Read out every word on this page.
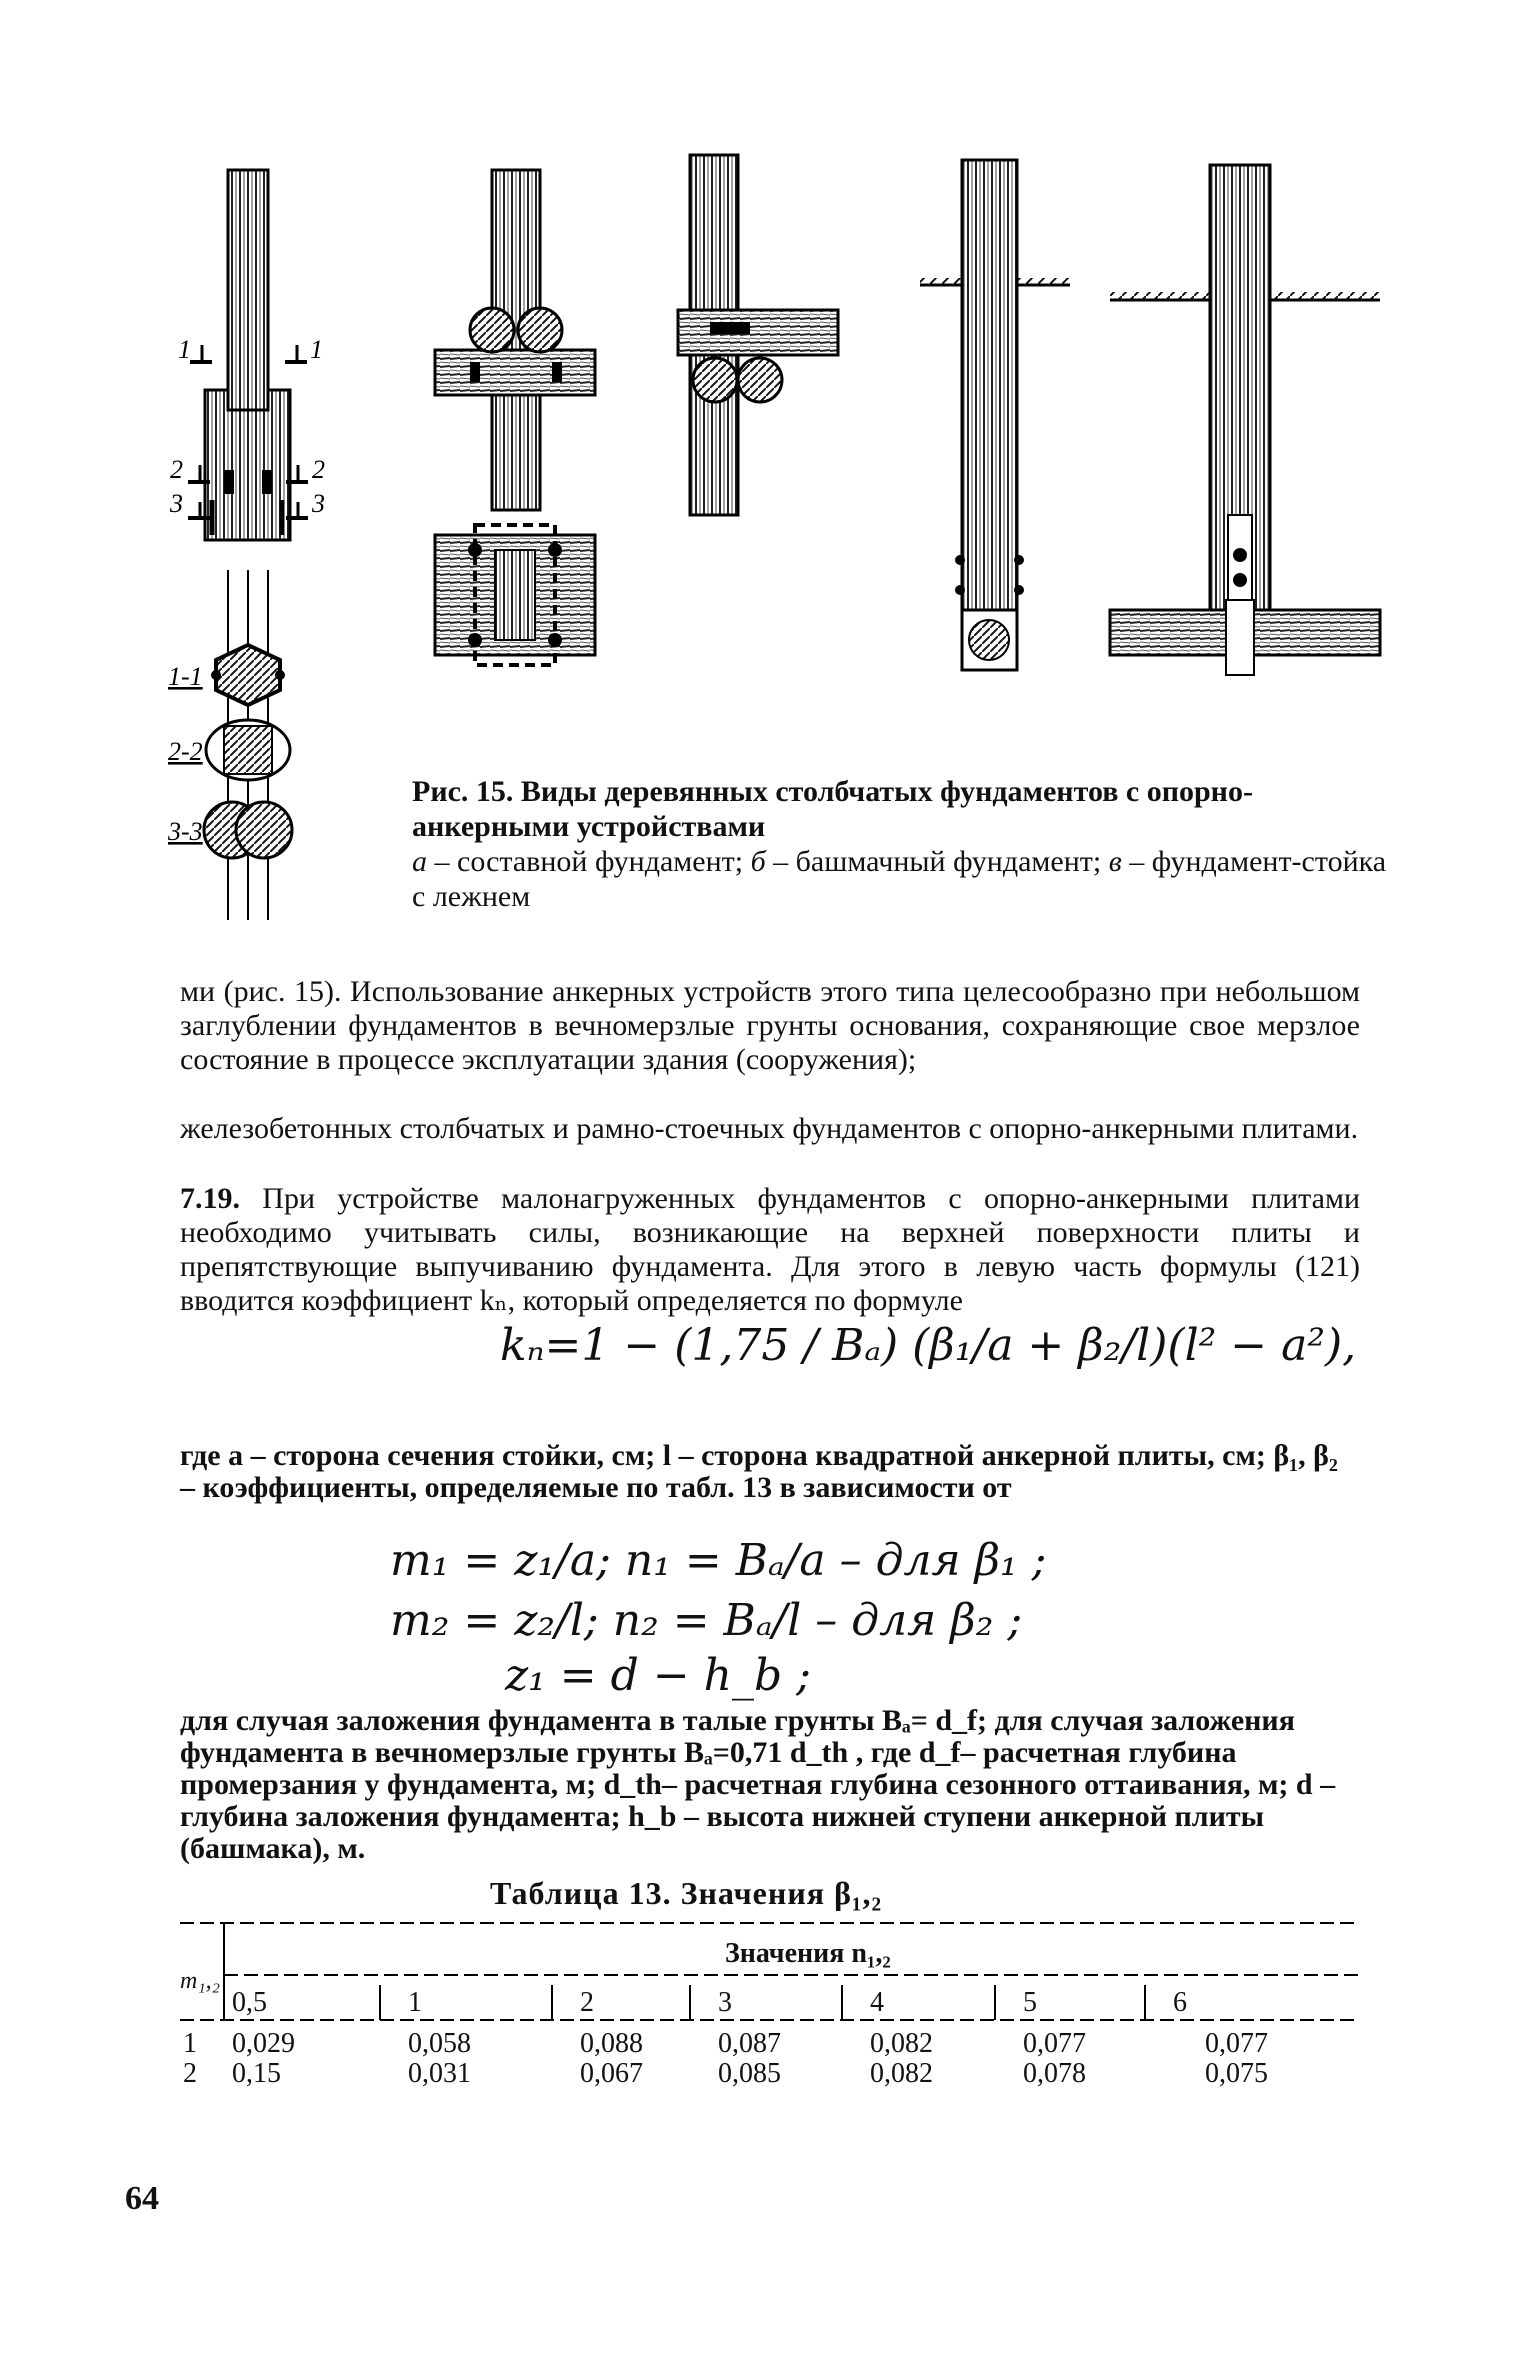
1	1
2	2
3	3
1-1
2-2
3-3
Рис. 15. Виды деревянных столбчатых фундаментов с опорно-анкерными устройствами
а – составной фундамент; б – башмачный фундамент; в – фундамент-стойка с лежнем
ми (рис. 15). Использование анкерных устройств этого типа целесообразно при небольшом заглублении фундаментов в вечномерзлые грунты основания, сохраняющие свое мерзлое состояние в процессе эксплуатации здания (сооружения);
железобетонных столбчатых и рамно-стоечных фундаментов с опорно-анкерными плитами.
7.19. При устройстве малонагруженных фундаментов с опорно-анкерными плитами необходимо учитывать силы, возникающие на верхней поверхности плиты и препятствующие выпучиванию фундамента. Для этого в левую часть формулы (121) вводится коэффициент kₙ, который определяется по формуле
kₙ=1 − (1,75 / Bₐ) (β₁/a + β₂/l)(l² − a²),
где a – сторона сечения стойки, см; l – сторона квадратной анкерной плиты, см; β₁, β₂ – коэффициенты, определяемые по табл. 13 в зависимости от
m₁ = z₁/a; n₁ = Bₐ/a – для β₁ ;
m₂ = z₂/l; n₂ = Bₐ/l – для β₂ ;
z₁ = d − h_b ;
для случая заложения фундамента в талые грунты Bₐ= d_f; для случая заложения фундамента в вечномерзлые грунты Bₐ=0,71 d_th , где d_f– расчетная глубина промерзания у фундамента, м; d_th– расчетная глубина сезонного оттаивания, м; d – глубина заложения фундамента; h_b – высота нижней ступени анкерной плиты (башмака), м.
Таблица 13. Значения β₁,₂
m₁,₂
Значения n₁,₂
0,5	1	2	3	4	5	6
1 0,029	0,058	0,088	0,087	0,082	0,077	0,077
2 0,15	0,031	0,067	0,085	0,082	0,078	0,075
64
